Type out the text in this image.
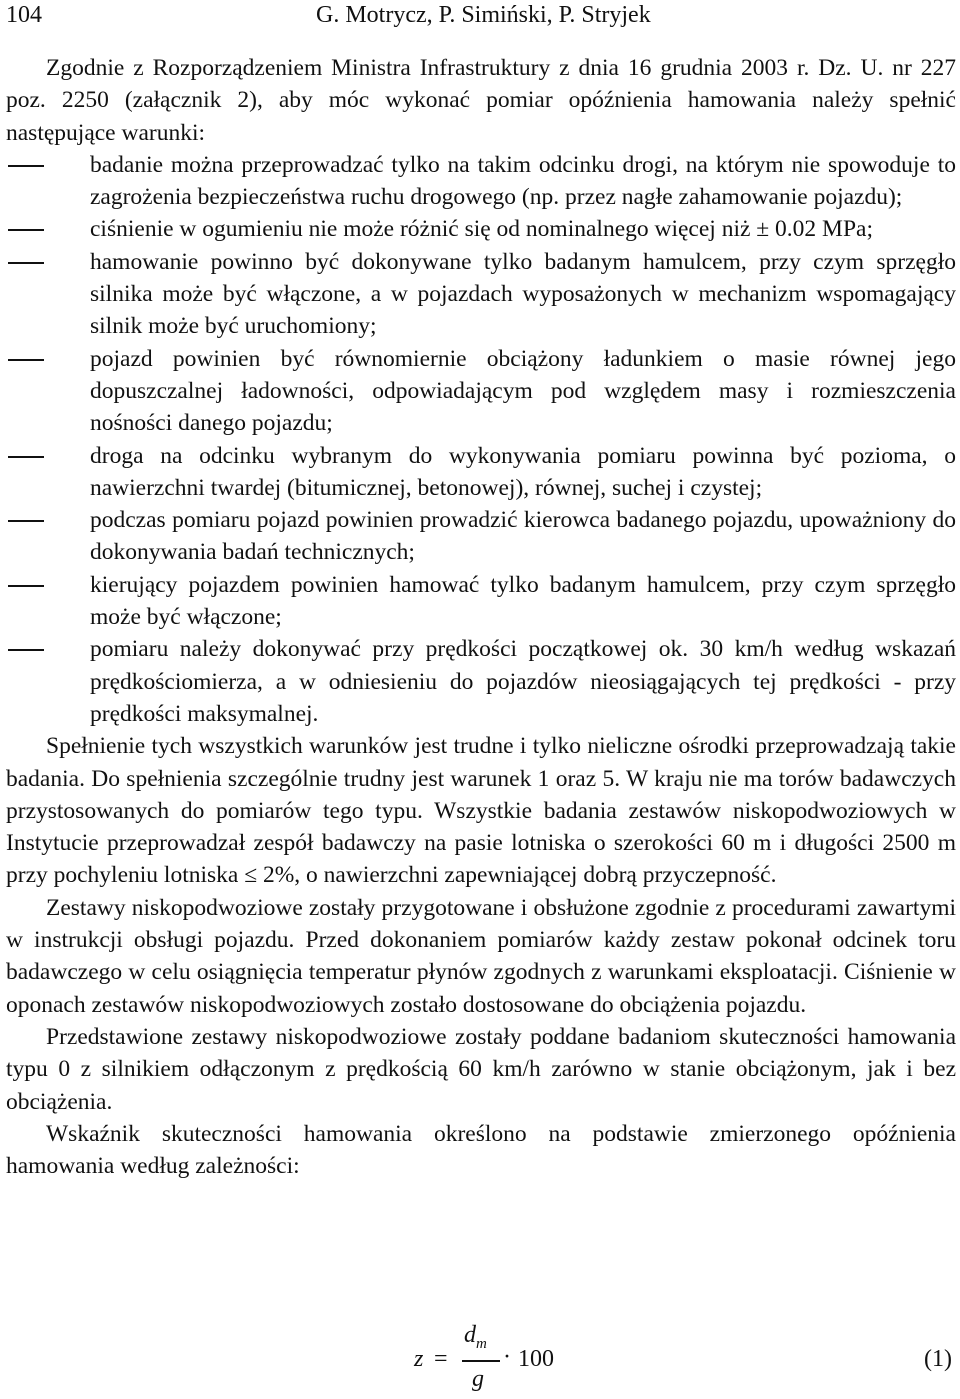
104	G. Motrycz, P. Simiński, P. Stryjek

Zgodnie z Rozporządzeniem Ministra Infrastruktury z dnia 16 grudnia 2003 r. Dz. U. nr 227 poz. 2250 (załącznik 2), aby móc wykonać pomiar opóźnienia hamowania należy spełnić następujące warunki:

badanie można przeprowadzać tylko na takim odcinku drogi, na którym nie spowoduje to zagrożenia bezpieczeństwa ruchu drogowego (np. przez nagłe zahamowanie pojazdu);
ciśnienie w ogumieniu nie może różnić się od nominalnego więcej niż ± 0.02 MPa;
hamowanie powinno być dokonywane tylko badanym hamulcem, przy czym sprzęgło silnika może być włączone, a w pojazdach wyposażonych w mechanizm wspomagający silnik może być uruchomiony;
pojazd powinien być równomiernie obciążony ładunkiem o masie równej jego dopuszczalnej ładowności, odpowiadającym pod względem masy i rozmieszczenia nośności danego pojazdu;
droga na odcinku wybranym do wykonywania pomiaru powinna być pozioma, o nawierzchni twardej (bitumicznej, betonowej), równej, suchej i czystej;
podczas pomiaru pojazd powinien prowadzić kierowca badanego pojazdu, upoważniony do dokonywania badań technicznych;
kierujący pojazdem powinien hamować tylko badanym hamulcem, przy czym sprzęgło może być włączone;
pomiaru należy dokonywać przy prędkości początkowej ok. 30 km/h według wskazań prędkościomierza, a w odniesieniu do pojazdów nieosiągających tej prędkości - przy prędkości maksymalnej.

Spełnienie tych wszystkich warunków jest trudne i tylko nieliczne ośrodki przeprowadzają takie badania. Do spełnienia szczególnie trudny jest warunek 1 oraz 5. W kraju nie ma torów badawczych przystosowanych do pomiarów tego typu. Wszystkie badania zestawów niskopodwoziowych w Instytucie przeprowadzał zespół badawczy na pasie lotniska o szerokości 60 m i długości 2500 m przy pochyleniu lotniska ≤ 2%, o nawierzchni zapewniającej dobrą przyczepność.

Zestawy niskopodwoziowe zostały przygotowane i obsłużone zgodnie z procedurami zawartymi w instrukcji obsługi pojazdu. Przed dokonaniem pomiarów każdy zestaw pokonał odcinek toru badawczego w celu osiągnięcia temperatur płynów zgodnych z warunkami eksploatacji. Ciśnienie w oponach zestawów niskopodwoziowych zostało dostosowane do obciążenia pojazdu.

Przedstawione zestawy niskopodwoziowe zostały poddane badaniom skuteczności hamowania typu 0 z silnikiem odłączonym z prędkością 60 km/h zarówno w stanie obciążonym, jak i bez obciążenia.

Wskaźnik skuteczności hamowania określono na podstawie zmierzonego opóźnienia hamowania według zależności:

z =
$d_m$
g
· 100	(1)
